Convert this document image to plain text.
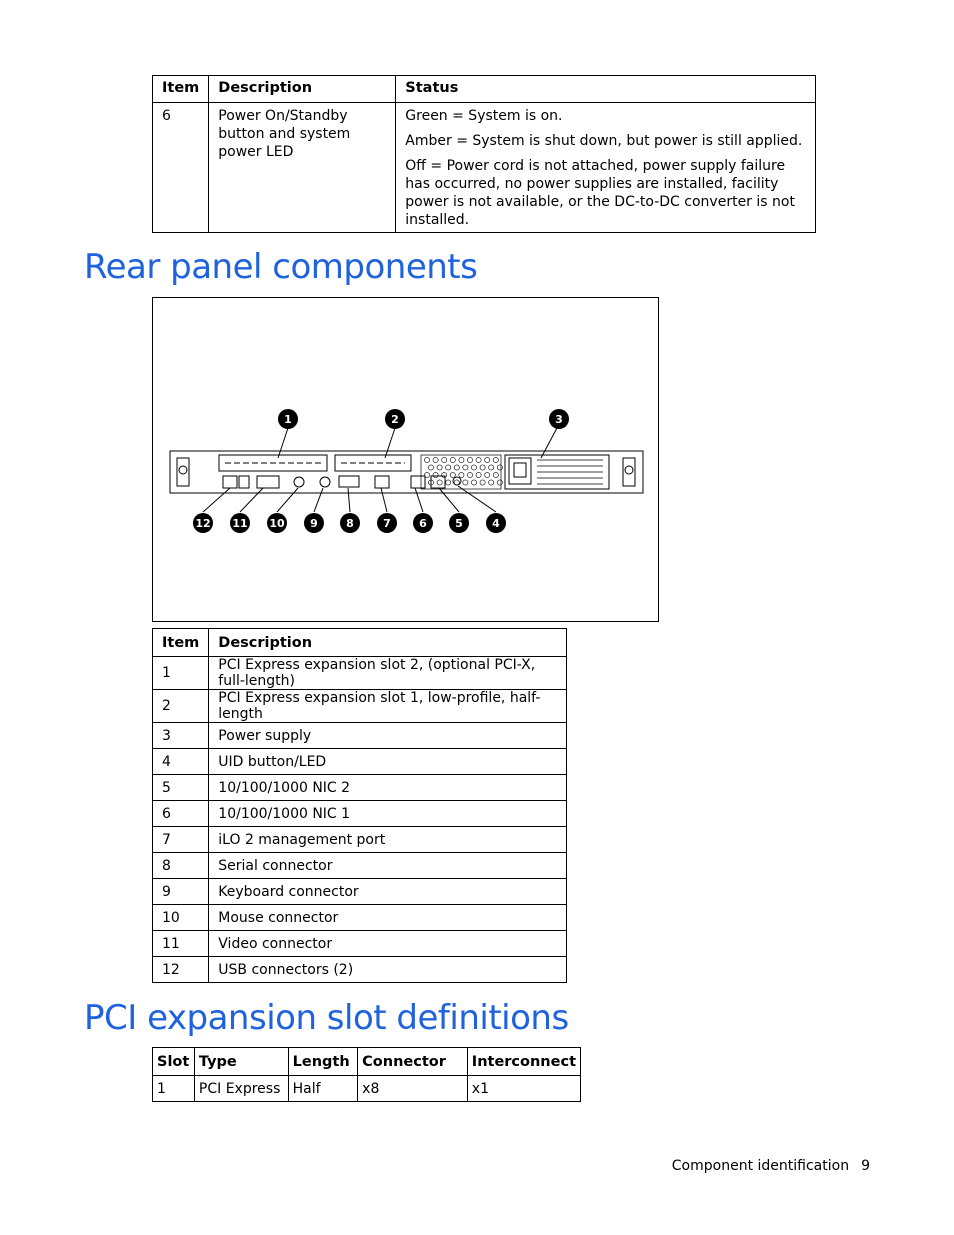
Item	Description	Status
6	Power On/Standby button and system power LED	Green = System is on.

Amber = System is shut down, but power is still applied.

Off = Power cord is not attached, power supply failure has occurred, no power supplies are installed, facility power is not available, or the DC-to-DC converter is not installed.

Rear panel components
1	2	3
4
5
6
7
8
9
10
11
12
Item	Description
1	PCI Express expansion slot 2, (optional PCI-X, full-length)
2	PCI Express expansion slot 1, low-profile, half-length
3	Power supply
4	UID button/LED
5	10/100/1000 NIC 2
6	10/100/1000 NIC 1
7	iLO 2 management port
8	Serial connector
9	Keyboard connector
10	Mouse connector
11	Video connector
12	USB connectors (2)
PCI expansion slot definitions
Slot	Type	Length	Connector	Interconnect
1	PCI Express	Half	x8	x1
Component identification 9
